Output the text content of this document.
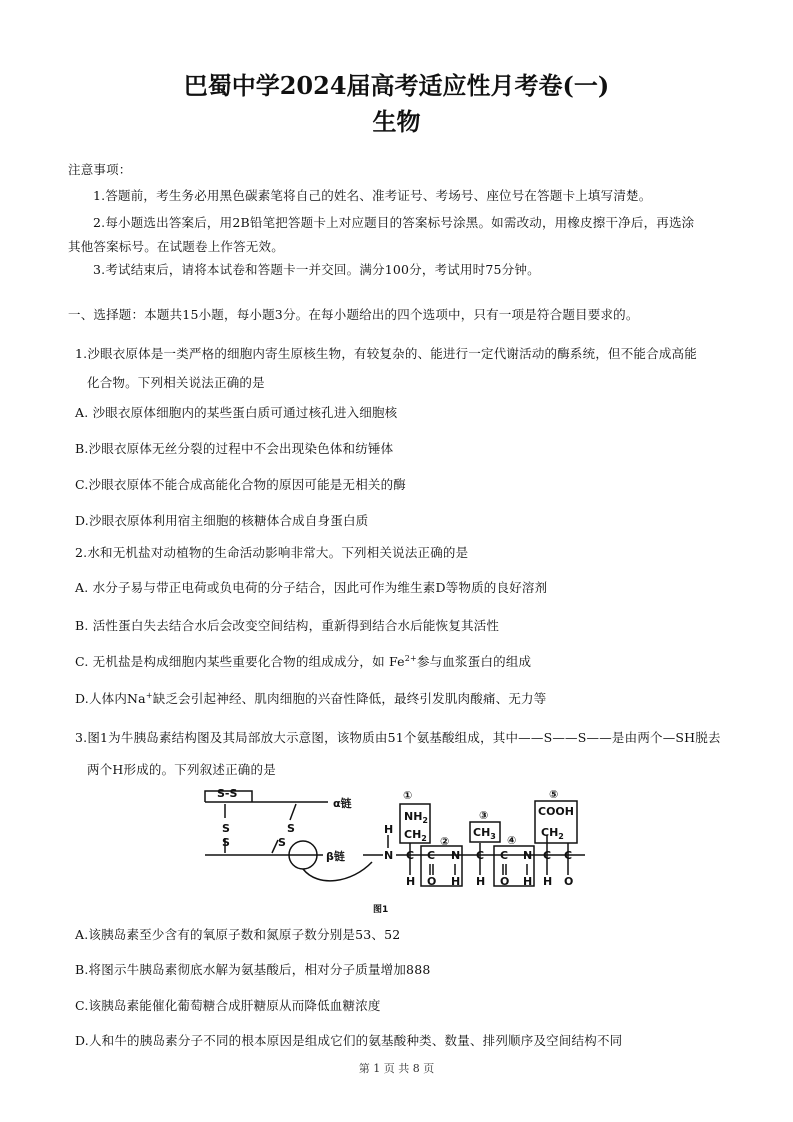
巴蜀中学2024届高考适应性月考卷(一)
生物
注意事项：
1.答题前，考生务必用黑色碳素笔将自己的姓名、准考证号、考场号、座位号在答题卡上填写清楚。
2.每小题选出答案后，用2B铅笔把答题卡上对应题目的答案标号涂黑。如需改动，用橡皮擦干净后，再选涂
其他答案标号。在试题卷上作答无效。
3.考试结束后，请将本试卷和答题卡一并交回。满分100分，考试用时75分钟。
一、选择题：本题共15小题，每小题3分。在每小题给出的四个选项中，只有一项是符合题目要求的。
1.沙眼衣原体是一类严格的细胞内寄生原核生物，有较复杂的、能进行一定代谢活动的酶系统，但不能合成高能
化合物。下列相关说法正确的是
A. 沙眼衣原体细胞内的某些蛋白质可通过核孔进入细胞核
B.沙眼衣原体无丝分裂的过程中不会出现染色体和纺锤体
C.沙眼衣原体不能合成高能化合物的原因可能是无相关的酶
D.沙眼衣原体利用宿主细胞的核糖体合成自身蛋白质
2.水和无机盐对动植物的生命活动影响非常大。下列相关说法正确的是
A. 水分子易与带正电荷或负电荷的分子结合，因此可作为维生素D等物质的良好溶剂
B. 活性蛋白失去结合水后会改变空间结构，重新得到结合水后能恢复其活性
C. 无机盐是构成细胞内某些重要化合物的组成成分，如 $Fe^{2+}$参与血浆蛋白的组成
D.人体内Na+缺乏会引起神经、肌肉细胞的兴奋性降低，最终引发肌肉酸痛、无力等
3.图1为牛胰岛素结构图及其局部放大示意图，该物质由51个氨基酸组成，其中——S——S——是由两个—SH脱去
两个H形成的。下列叙述正确的是
S-S
S
S
S
S
α链
β链
①
②
③
④
⑤
$NH_2$
$CH_2$	$CH_3$
COOH
$CH_2$
H
N C C N C C N C C
H O H H O H H O
图1
A.该胰岛素至少含有的氧原子数和氮原子数分别是53、52
B.将图示牛胰岛素彻底水解为氨基酸后，相对分子质量增加888
C.该胰岛素能催化葡萄糖合成肝糖原从而降低血糖浓度
D.人和牛的胰岛素分子不同的根本原因是组成它们的氨基酸种类、数量、排列顺序及空间结构不同
第 1 页 共 8 页
